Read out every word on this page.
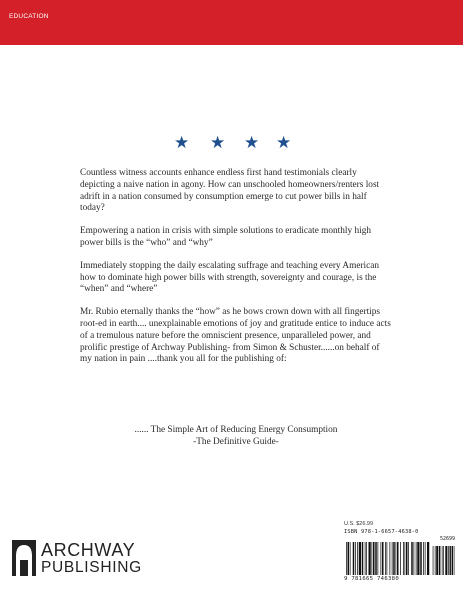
EDUCATION
★ ★ ★ ★

Countless witness accounts enhance endless first hand testimonials clearly depicting a naive nation in agony. How can unschooled homeowners/renters lost adrift in a nation consumed by consumption emerge to cut power bills in half today?

Empowering a nation in crisis with simple solutions to eradicate monthly high power bills is the “who” and “why”

Immediately stopping the daily escalating suffrage and teaching every American how to dominate high power bills with strength, sovereignty and courage, is the “when” and “where”

Mr. Rubio eternally thanks the “how” as he bows crown down with all fingertips root-ed in earth.... unexplainable emotions of joy and gratitude entice to induce acts of a tremulous nature before the omniscient presence, unparalleled power, and prolific prestige of Archway Publishing- from Simon & Schuster......on behalf of my nation in pain ....thank you all for the publishing of:

...... The Simple Art of Reducing Energy Consumption
-The Definitive Guide-
ARCHWAY
PUBLISHING
U.S. $26.99
ISBN 978-1-6657-4638-0
52699
9 781665 746380
